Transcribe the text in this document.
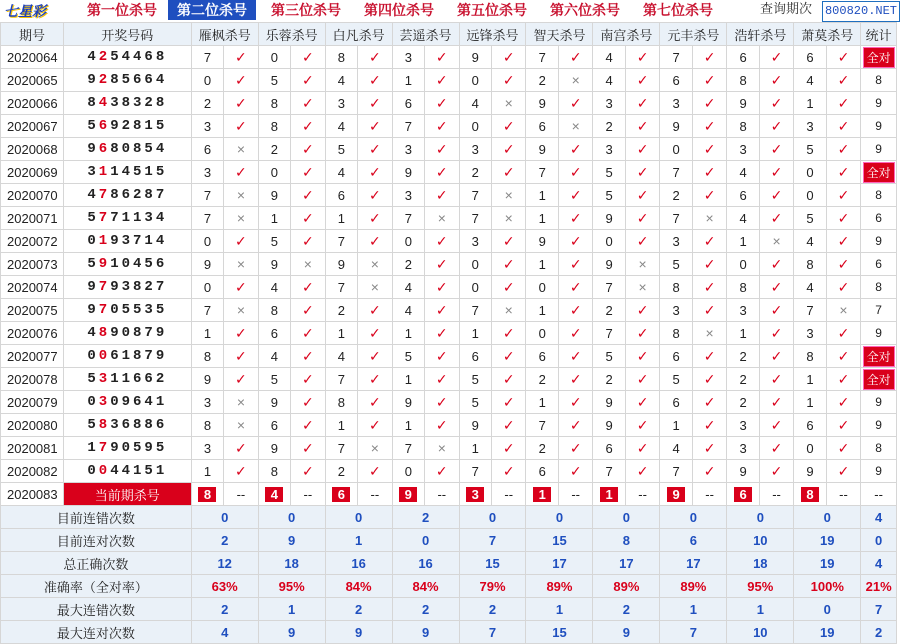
七星彩	第一位杀号	第二位杀号	第三位杀号	第四位杀号	第五位杀号	第六位杀号	第七位杀号	查询期次 800820.NET
期号	开奖号码	雁枫杀号		乐蓉杀号		白凡杀号		芸遥杀号		远锋杀号		智天杀号		南宫杀号		元丰杀号		浩轩杀号		萧莫杀号		统计
2020064	4254468	7	✓	0	✓	8	✓	3	✓	9	✓	7	✓	4	✓	7	✓	6	✓	6	✓	全对
2020065	9285664	0	✓	5	✓	4	✓	1	✓	0	✓	2	×	4	✓	6	✓	8	✓	4	✓	8
2020066	8438328	2	✓	8	✓	3	✓	6	✓	4	×	9	✓	3	✓	3	✓	9	✓	1	✓	9
2020067	5692815	3	✓	8	✓	4	✓	7	✓	0	✓	6	×	2	✓	9	✓	8	✓	3	✓	9
2020068	9680854	6	×	2	✓	5	✓	3	✓	3	✓	9	✓	3	✓	0	✓	3	✓	5	✓	9
2020069	3114515	3	✓	0	✓	4	✓	9	✓	2	✓	7	✓	5	✓	7	✓	4	✓	0	✓	全对
2020070	4786287	7	×	9	✓	6	✓	3	✓	7	×	1	✓	5	✓	2	✓	6	✓	0	✓	8
2020071	5771134	7	×	1	✓	1	✓	7	×	7	×	1	✓	9	✓	7	×	4	✓	5	✓	6
2020072	0193714	0	✓	5	✓	7	✓	0	✓	3	✓	9	✓	0	✓	3	✓	1	×	4	✓	9
2020073	5910456	9	×	9	×	9	×	2	✓	0	✓	1	✓	9	×	5	✓	0	✓	8	✓	6
2020074	9793827	0	✓	4	✓	7	×	4	✓	0	✓	0	✓	7	×	8	✓	8	✓	4	✓	8
2020075	9705535	7	×	8	✓	2	✓	4	✓	7	×	1	✓	2	✓	3	✓	3	✓	7	×	7
2020076	4890879	1	✓	6	✓	1	✓	1	✓	1	✓	0	✓	7	✓	8	×	1	✓	3	✓	9
2020077	0061879	8	✓	4	✓	4	✓	5	✓	6	✓	6	✓	5	✓	6	✓	2	✓	8	✓	全对
2020078	5311662	9	✓	5	✓	7	✓	1	✓	5	✓	2	✓	2	✓	5	✓	2	✓	1	✓	全对
2020079	0309641	3	×	9	✓	8	✓	9	✓	5	✓	1	✓	9	✓	6	✓	2	✓	1	✓	9
2020080	5836886	8	×	6	✓	1	✓	1	✓	9	✓	7	✓	9	✓	1	✓	3	✓	6	✓	9
2020081	1790595	3	✓	9	✓	7	×	7	×	1	✓	2	✓	6	✓	4	✓	3	✓	0	✓	8
2020082	0044151	1	✓	8	✓	2	✓	0	✓	7	✓	6	✓	7	✓	7	✓	9	✓	9	✓	9
2020083	当前期杀号	8	--	4	--	6	--	9	--	3	--	1	--	1	--	9	--	6	--	8	--	--
目前连错次数		0		0		0		2		0		0		0		0		0		0		4
目前连对次数		2		9		1		0		7		15		8		6		10		19		0
总正确次数		12		18		16		16		15		17		17		17		18		19		4
准确率（全对率）		63%		95%		84%		84%		79%		89%		89%		89%		95%		100%		21%
最大连错次数		2		1		2		2		2		1		2		1		1		0		7
最大连对次数		4		9		9		9		7		15		9		7		10		19		2
